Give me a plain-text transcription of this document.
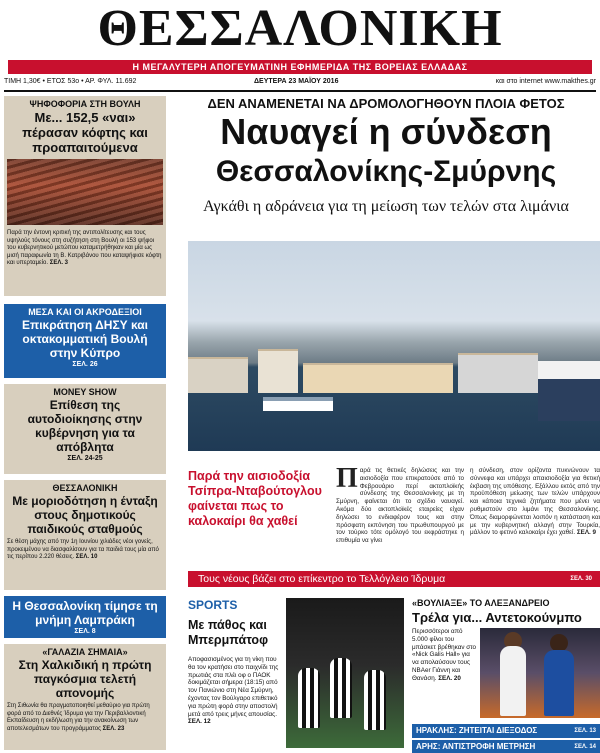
ΘΕΣΣΑΛΟΝΙΚΗ
Η ΜΕΓΑΛΥΤΕΡΗ ΑΠΟΓΕΥΜΑΤΙΝΗ ΕΦΗΜΕΡΙΔΑ ΤΗΣ ΒΟΡΕΙΑΣ ΕΛΛΑΔΑΣ
ΤΙΜΗ 1,30€ • ΕΤΟΣ 53ο • ΑΡ. ΦΥΛ. 11.692	ΔΕΥΤΕΡΑ 23 ΜΑΪΟΥ 2016	και στο internet www.makthes.gr
ΨΗΦΟΦΟΡΙΑ ΣΤΗ ΒΟΥΛΗ
Με... 152,5 «ναι» πέρασαν κόφτης και προαπαιτούμενα
Παρά την έντονη κριτική της αντιπολίτευσης και τους υψηλούς τόνους στη συζήτηση στη Βουλή οι 153 ψήφοι του κυβερνητικού μετώπου καταμετρήθηκαν και μία ως μισή παραφωνία τη Β. Κατριβάνου που καταψήφισε κόφτη και υπερταμείο. ΣΕΛ. 3
ΜΕΣΑ ΚΑΙ ΟΙ ΑΚΡΟΔΕΞΙΟΙ
Επικράτηση ΔΗΣΥ και οκτακομματική Βουλή στην Κύπρο
ΣΕΛ. 26
MONEY SHOW
Επίθεση της αυτοδιοίκησης στην κυβέρνηση για τα απόβλητα
ΣΕΛ. 24-25
ΘΕΣΣΑΛΟΝΙΚΗ
Με μοριοδότηση η ένταξη στους δημοτικούς παιδικούς σταθμούς
Σε θέση μάχης από την 1η Ιουνίου χιλιάδες νέοι γονείς, προκειμένου να διασφαλίσουν για τα παιδιά τους μία από τις περίπου 2.220 θέσεις. ΣΕΛ. 10
Η Θεσσαλονίκη τίμησε τη μνήμη Λαμπράκη
ΣΕΛ. 8
«ΓΑΛΑΖΙΑ ΣΗΜΑΙΑ»
Στη Χαλκιδική η πρώτη παγκόσμια τελετή απονομής
Στη Σιθωνία θα πραγματοποιηθεί μεθαύριο για πρώτη φορά από το Διεθνές Ίδρυμα για την Περιβαλλοντική Εκπαίδευση η εκδήλωση για την ανακοίνωση των αποτελεσμάτων του προγράμματος ΣΕΛ. 23
ΔΕΝ ΑΝΑΜΕΝΕΤΑΙ ΝΑ ΔΡΟΜΟΛΟΓΗΘΟΥΝ ΠΛΟΙΑ ΦΕΤΟΣ
Ναυαγεί η σύνδεση
Θεσσαλονίκης-Σμύρνης
Αγκάθι η αδράνεια για τη μείωση των τελών στα λιμάνια
Παρά την αισιοδοξία Τσίπρα-Νταβούτογλου φαίνεται πως το καλοκαίρι θα χαθεί
Παρά τις θετικές δηλώσεις και την αισιοδοξία που επικρατούσε από το Φεβρουάριο περί ακτοπλοϊκής σύνδεσης της Θεσσαλονίκης με τη Σμύρνη, φαίνεται ότι το σχέδιο ναυαγεί. Ακόμα δύο ακτοπλοϊκές εταιρείες είχαν δηλώσει το ενδιαφέρον τους και στην πρόσφατη εκπόνηση του πρωθυπουργού με τον τούρκο τότε ομόλογό του εκφράστηκε η επιθυμία να γίνει
η σύνδεση, στον ορίζοντα πυκνώνουν τα σύννεφα και υπάρχει απαισιοδοξία για θετική έκβαση της υπόθεσης. Εξάλλου εκτός από την προϋπόθεση μείωσης των τελών υπάρχουν και κάποια τεχνικά ζητήματα που μένει να ρυθμιστούν στο λιμάνι της Θεσσαλονίκης. Όπως διαμορφώνεται λοιπόν η κατάσταση και με την κυβερνητική αλλαγή στην Τουρκία, μάλλον το φετινό καλοκαίρι έχει χαθεί. ΣΕΛ. 9
Τους νέους βάζει στο επίκεντρο το Τελλόγλειο Ίδρυμα	ΣΕΛ. 30
SPORTS
Με πάθος και Μπερμπάτοφ
Αποφασισμένος για τη νίκη που θα τον κρατήσει στο παιχνίδι της πρωτιάς στα πλέι οφ ο ΠΑΟΚ δοκιμάζεται σήμερα (18:15) από τον Πανιώνιο στη Νέα Σμύρνη, έχοντας τον Βούλγαρο επιθετικό για πρώτη φορά στην αποστολή μετά από τρεις μήνες απουσίας. ΣΕΛ. 12
«ΒΟΥΛΙΑΞΕ» ΤΟ ΑΛΕΞΑΝΔΡΕΙΟ
Τρέλα για... Αντετοκούνμπο
Περισσότεροι από 5.000 φίλοι του μπάσκετ βρέθηκαν στο «Nick Galis Hall» για να απολαύσουν τους NBAer Γιάννη και Θανάση. ΣΕΛ. 20
ΗΡΑΚΛΗΣ: ΖΗΤΕΙΤΑΙ ΔΙΕΞΟΔΟΣ	ΣΕΛ. 13
ΑΡΗΣ: ΑΝΤΙΣΤΡΟΦΗ ΜΕΤΡΗΣΗ	ΣΕΛ. 14
